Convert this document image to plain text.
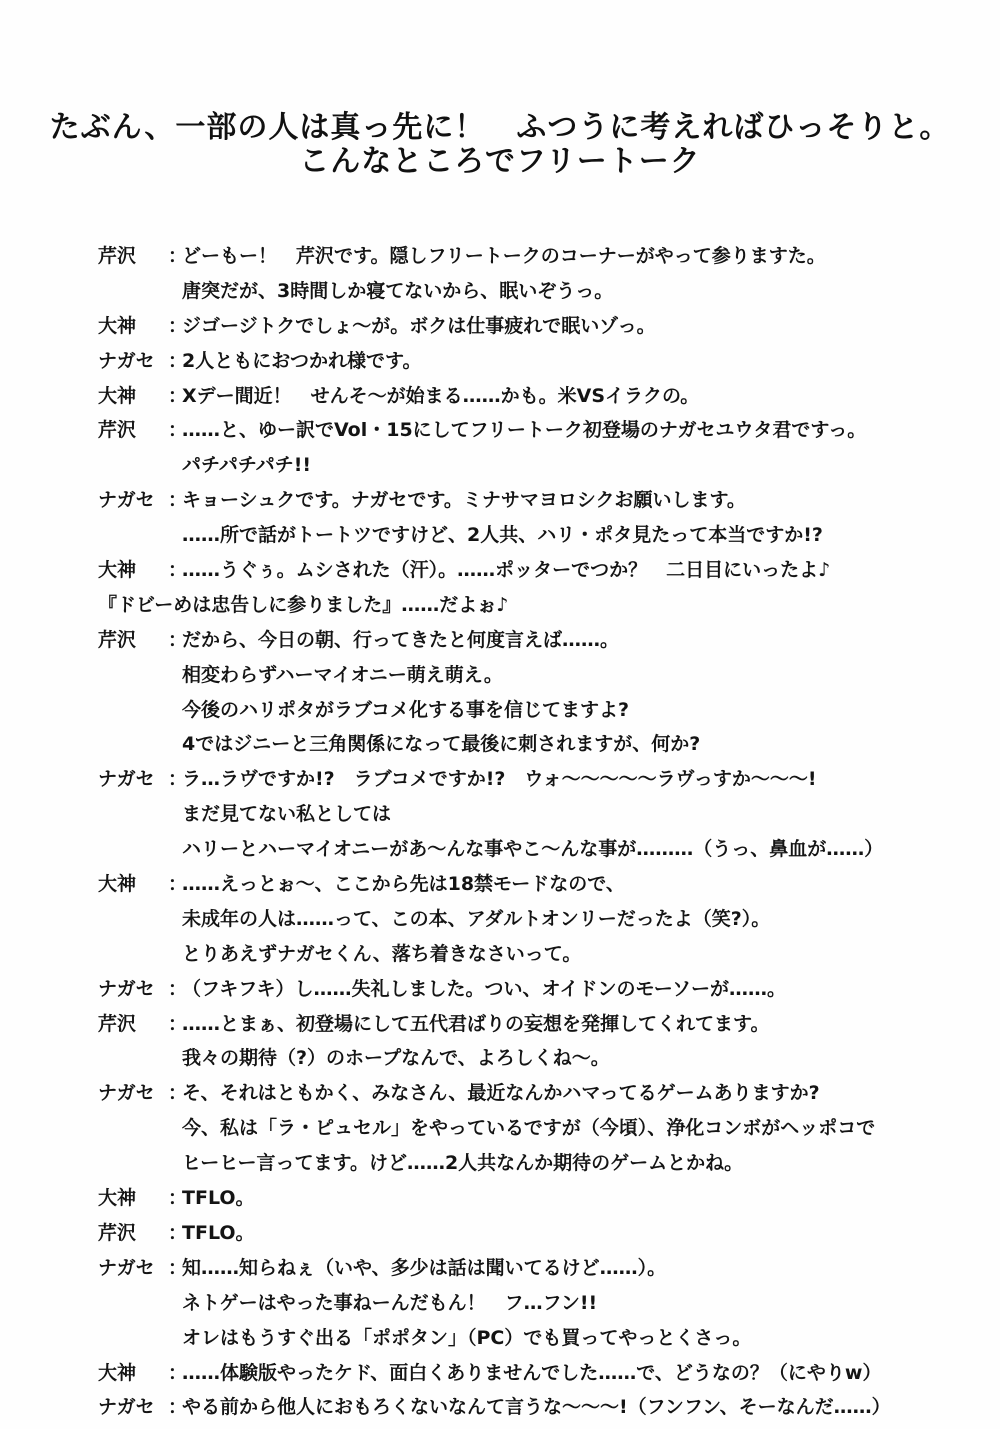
たぶん、一部の人は真っ先に！　ふつうに考えればひっそりと。
こんなところでフリートーク
芹沢	：
どーもー！　芹沢です。隠しフリートークのコーナーがやって参りますた。
唐突だが、3時間しか寝てないから、眠いぞうっ。
大神	：
ジゴージトクでしょ～が。ボクは仕事疲れで眠いゾっ。
ナガセ ：
2人ともにおつかれ様です。
大神	：
Xデー間近！　せんそ～が始まる……かも。米VSイラクの。
芹沢	：
……と、ゆー訳でVol・15にしてフリートーク初登場のナガセユウタ君ですっ。
パチパチパチ!!
ナガセ ：
キョーシュクです。ナガセです。ミナサマヨロシクお願いします。
……所で話がトートツですけど、2人共、ハリ・ポタ見たって本当ですか!?
大神	：
……うぐぅ。ムシされた（汗）。……ポッターでつか？　二日目にいったよ♪
『ドビーめは忠告しに参りました』……だよぉ♪
芹沢	：
だから、今日の朝、行ってきたと何度言えば……。
相変わらずハーマイオニー萌え萌え。
今後のハリポタがラブコメ化する事を信じてますよ?
4ではジニーと三角関係になって最後に刺されますが、何か?
ナガセ ：
ラ…ラヴですか!?　ラブコメですか!?　ウォ～～～～～ラヴっすか～～～!
まだ見てない私としては
ハリーとハーマイオニーがあ～んな事やこ～んな事が………（うっ、鼻血が……）
大神	：
……えっとぉ～、ここから先は18禁モードなので、
未成年の人は……って、この本、アダルトオンリーだったよ（笑?）。
とりあえずナガセくん、落ち着きなさいって。
ナガセ ：
（フキフキ）し……失礼しました。つい、オイドンのモーソーが……。
芹沢	：
……とまぁ、初登場にして五代君ばりの妄想を発揮してくれてます。
我々の期待（?）のホープなんで、よろしくね～。
ナガセ ：
そ、それはともかく、みなさん、最近なんかハマってるゲームありますか?
今、私は「ラ・ピュセル」をやっているですが（今頃）、浄化コンボがヘッポコで
ヒーヒー言ってます。けど……2人共なんか期待のゲームとかね。
大神	：
TFLO。
芹沢	：
TFLO。
ナガセ ：
知……知らねぇ（いや、多少は話は聞いてるけど……）。
ネトゲーはやった事ねーんだもん！　フ…フン!!
オレはもうすぐ出る「ポポタン」（PC）でも買ってやっとくさっ。
大神	：
……体験版やったケド、面白くありませんでした……で、どうなの？（にやりw）
ナガセ ：
やる前から他人におもろくないなんて言うな～～～!（フンフン、そーなんだ……）
